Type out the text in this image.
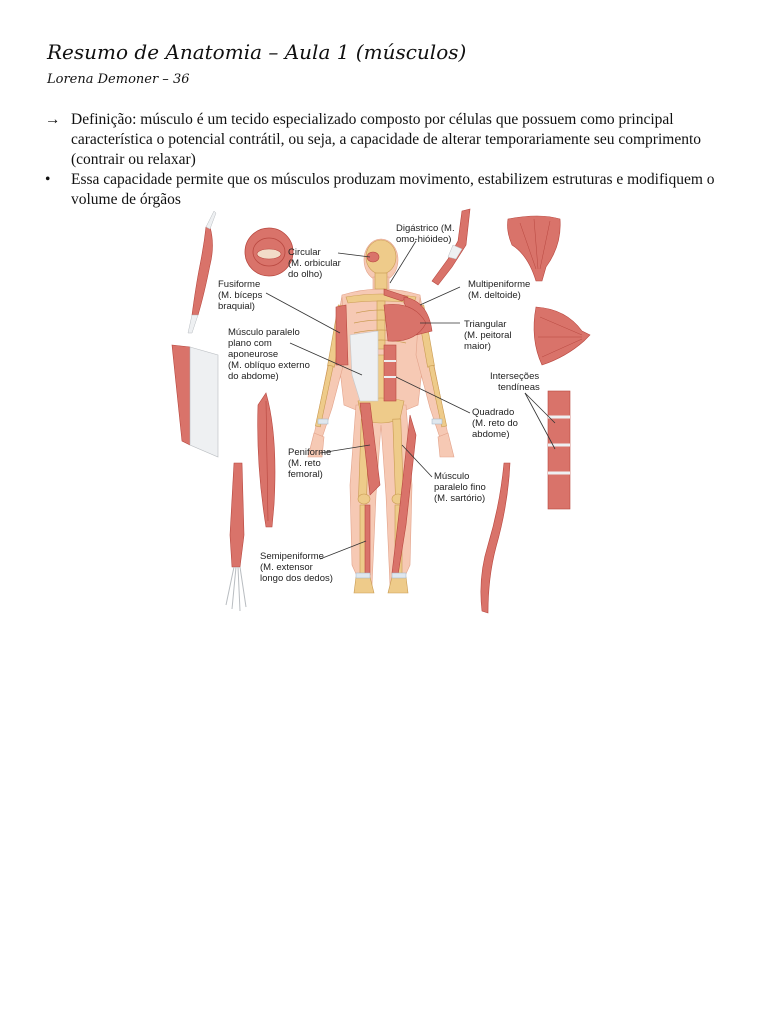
Resumo de Anatomia – Aula 1 (músculos)
Lorena Demoner – 36
→ Definição: músculo é um tecido especializado composto por células que possuem como principal característica o potencial contrátil, ou seja, a capacidade de alterar temporariamente seu comprimento (contrair ou relaxar)
•	Essa capacidade permite que os músculos produzam movimento, estabilizem estruturas e modifiquem o volume de órgãos
Circular (M. orbicular do olho)
Digástrico (M. omo-hióideo)
Fusiforme (M. bíceps braquial)
Multipeniforme (M. deltoide)
Músculo paralelo plano com aponeurose (M. oblíquo externo do abdome)
Triangular (M. peitoral maior)
Interseções tendíneas
Quadrado (M. reto do abdome)
Peniforme (M. reto femoral)	Músculo paralelo fino (M. sartório)
Semipeniforme (M. extensor longo dos dedos)
